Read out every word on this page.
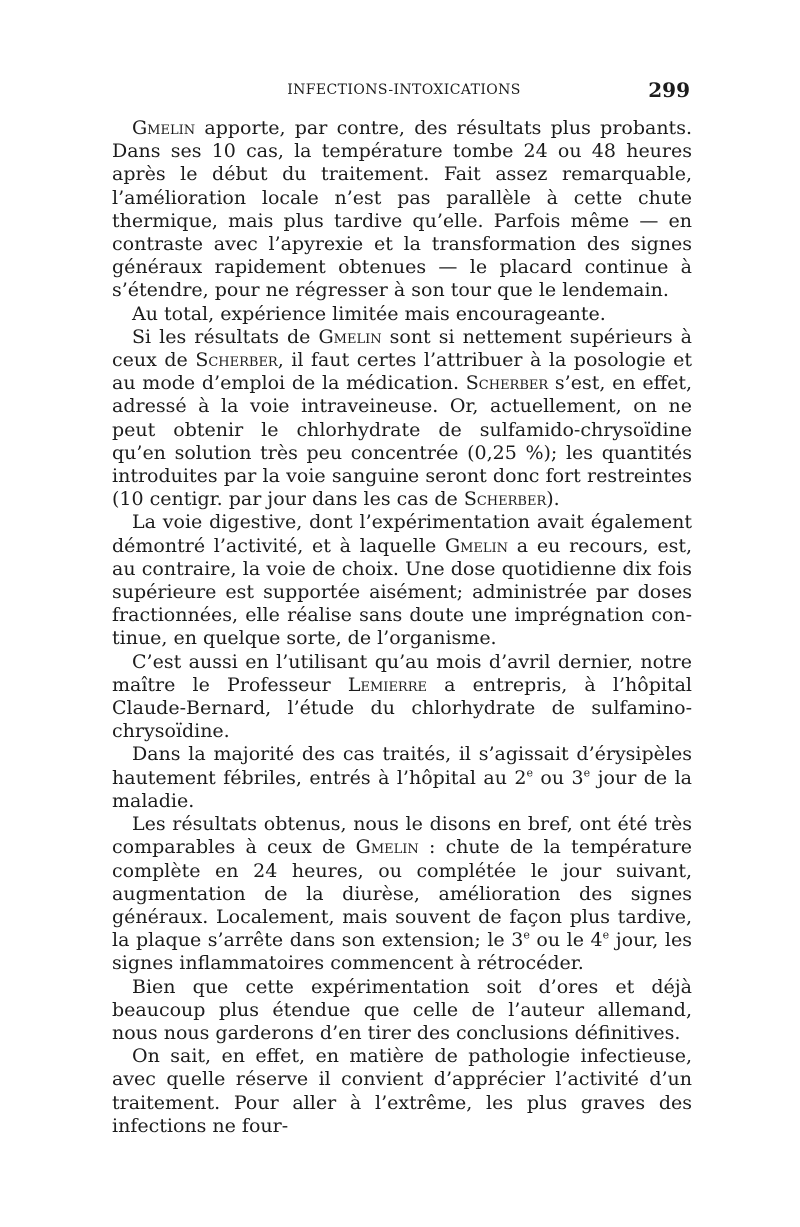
INFECTIONS-INTOXICATIONS	299

Gmelin apporte, par contre, des résultats plus probants. Dans ses 10 cas, la température tombe 24 ou 48 heures après le début du traitement. Fait assez remarquable, l’amélioration locale n’est pas parallèle à cette chute thermique, mais plus tardive qu’elle. Parfois même — en contraste avec l’apyrexie et la transformation des signes généraux rapidement obtenues — le placard continue à s’étendre, pour ne régresser à son tour que le lendemain.

Au total, expérience limitée mais encourageante.

Si les résultats de Gmelin sont si nettement supérieurs à ceux de Scherber, il faut certes l’attribuer à la posologie et au mode d’emploi de la médication. Scherber s’est, en effet, adressé à la voie intraveineuse. Or, actuellement, on ne peut obtenir le chlorhydrate de sulfamido-chrysoïdine qu’en solution très peu concentrée (0,25 %); les quantités introduites par la voie sanguine seront donc fort restreintes (10 centigr. par jour dans les cas de Scherber).

La voie digestive, dont l’expérimentation avait également démontré l’activité, et à laquelle Gmelin a eu recours, est, au contraire, la voie de choix. Une dose quotidienne dix fois supérieure est supportée aisément; administrée par doses fractionnées, elle réalise sans doute une imprégnation continue, en quelque sorte, de l’organisme.

C’est aussi en l’utilisant qu’au mois d’avril dernier, notre maître le Professeur Lemierre a entrepris, à l’hôpital Claude-Bernard, l’étude du chlorhydrate de sulfamino-chrysoïdine.

Dans la majorité des cas traités, il s’agissait d’érysipèles hautement fébriles, entrés à l’hôpital au 2e ou 3e jour de la maladie.

Les résultats obtenus, nous le disons en bref, ont été très comparables à ceux de Gmelin : chute de la température complète en 24 heures, ou complétée le jour suivant, augmentation de la diurèse, amélioration des signes généraux. Localement, mais souvent de façon plus tardive, la plaque s’arrête dans son extension; le 3e ou le 4e jour, les signes inflammatoires commencent à rétrocéder.

Bien que cette expérimentation soit d’ores et déjà beaucoup plus étendue que celle de l’auteur allemand, nous nous garderons d’en tirer des conclusions définitives.

On sait, en effet, en matière de pathologie infectieuse, avec quelle réserve il convient d’apprécier l’activité d’un traitement. Pour aller à l’extrême, les plus graves des infections ne four-
